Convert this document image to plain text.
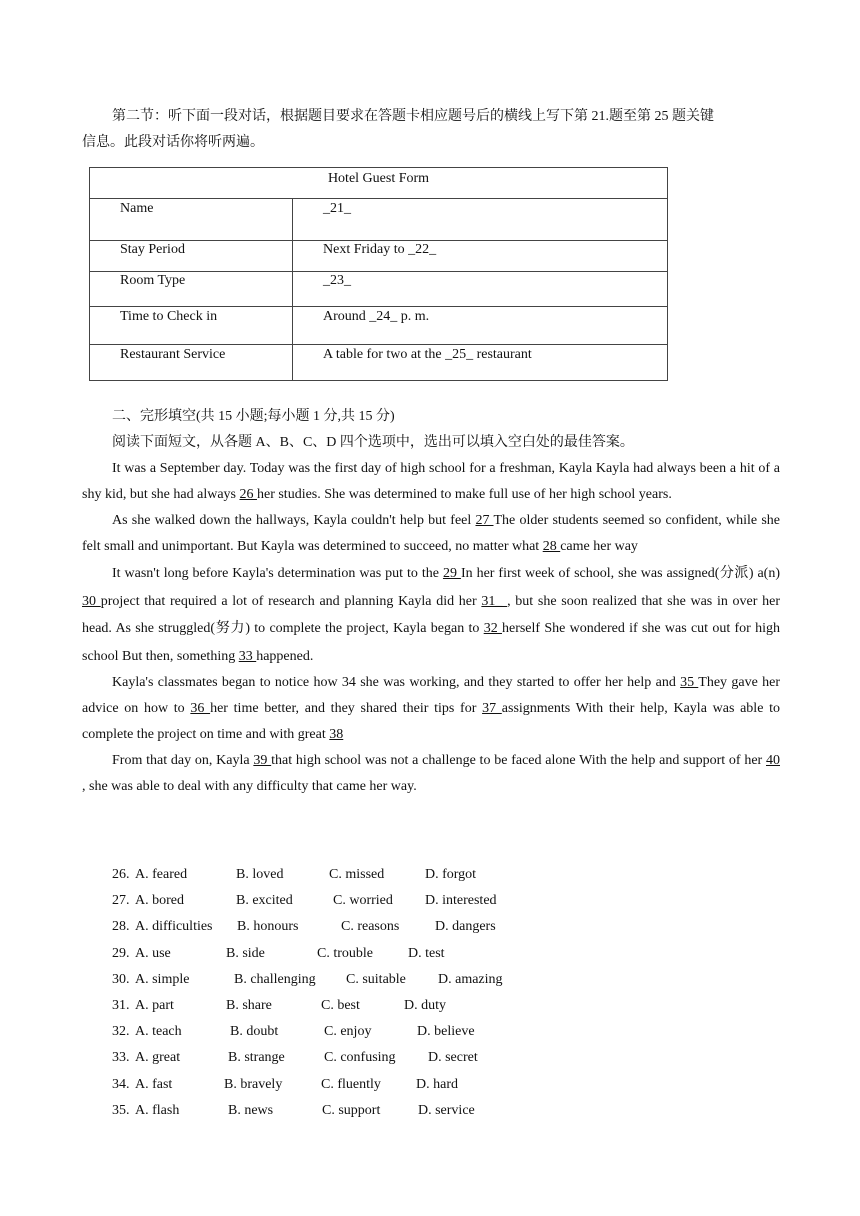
第二节：听下面一段对话，根据题目要求在答题卡相应题号后的横线上写下第 21.题至第 25 题关键

信息。此段对话你将听两遍。

Hotel Guest Form	
Name	_21_
Stay Period	Next Friday to _22_
Room Type	_23_
Time to Check in	Around _24_ p. m.
Restaurant Service	A table for two at the _25_ restaurant

二、完形填空(共 15 小题;每小题 1 分,共 15 分)

阅读下面短文，从各题 A、B、C、D 四个选项中，选出可以填入空白处的最佳答案。

It was a September day. Today was the first day of high school for a freshman, Kayla Kayla had always been a hit of a shy kid, but she had always 26 her studies. She was determined to make full use of her high school years.

As she walked down the hallways, Kayla couldn't help but feel 27 The older students seemed so confident, while she felt small and unimportant. But Kayla was determined to succeed, no matter what 28 came her way

It wasn't long before Kayla's determination was put to the 29 In her first week of school, she was assigned(分派) a(n) 30 project that required a lot of research and planning Kayla did her 31_ , but she soon realized that she was in over her head. As she struggled(努力) to complete the project, Kayla began to 32 herself She wondered if she was cut out for high school But then, something 33 happened.

Kayla's classmates began to notice how 34 she was working, and they started to offer her help and 35 They gave her advice on how to 36 her time better, and they shared their tips for 37 assignments With their help, Kayla was able to complete the project on time and with great 38

From that day on, Kayla 39 that high school was not a challenge to be faced alone With the help and support of her 40 , she was able to deal with any difficulty that came her way.

26. A. feared	B. loved	C. missed	D. forgot
27. A. bored	B. excited	C. worried D. interested
28. A. difficulties B. honours	C. reasons	D. dangers
29. A. use	B. side	C. trouble	D. test
30. A. simple	B. challenging C. suitable D. amazing
31. A. part	B. share	C. best	D. duty
32. A. teach	B. doubt	C. enjoy	D. believe
33. A. great	B. strange	C. confusing D. secret
34. A. fast	B. bravely	C. fluently	D. hard
35. A. flash	B. news	C. support	D. service
